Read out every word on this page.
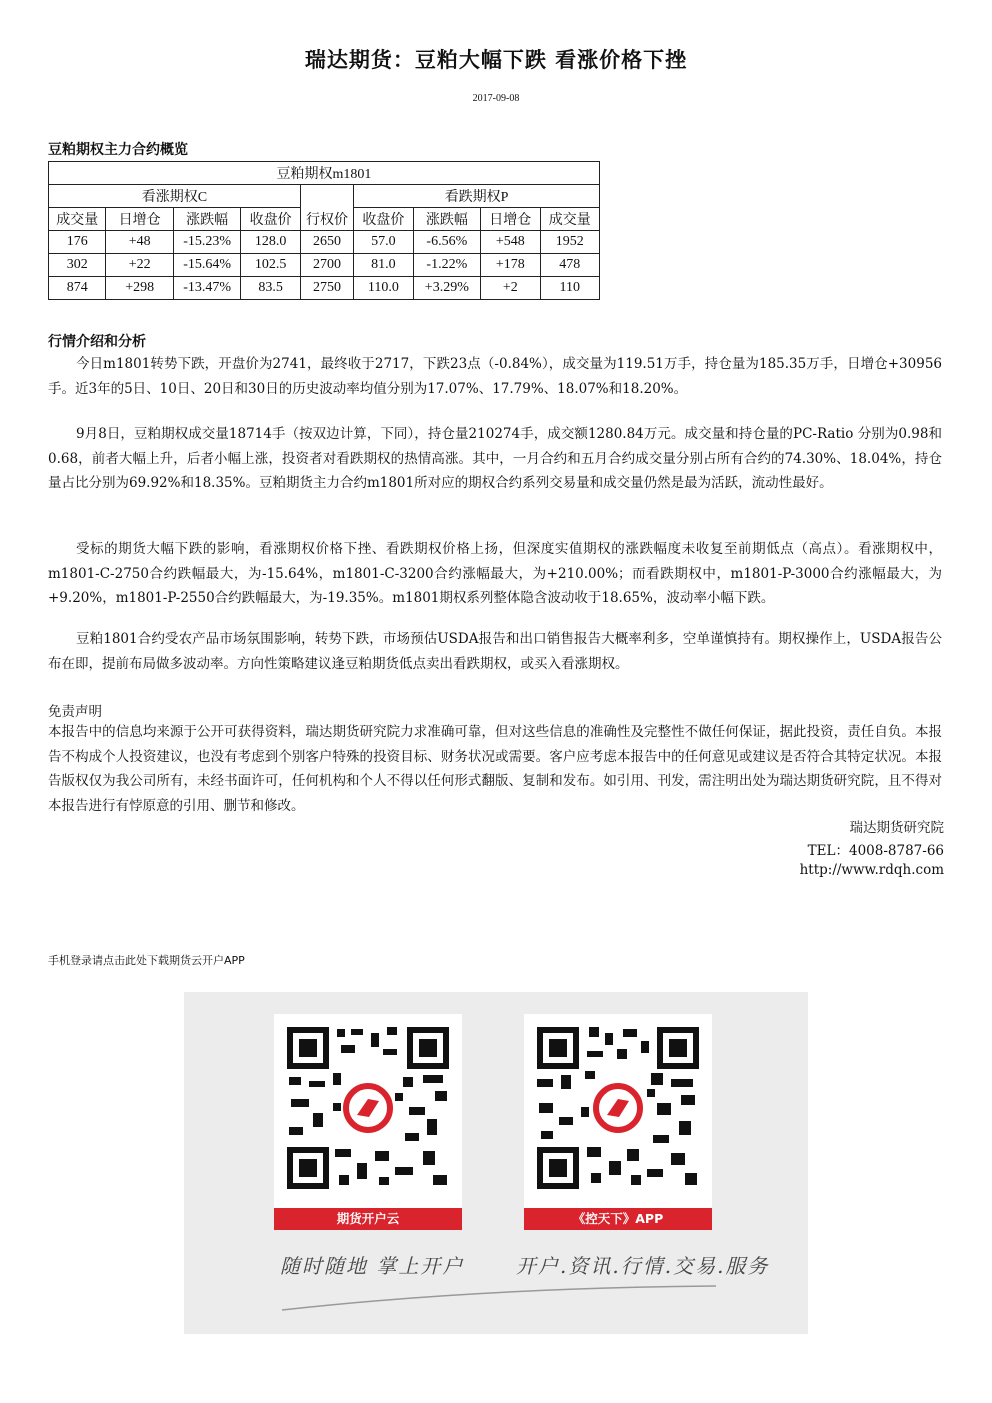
瑞达期货：豆粕大幅下跌 看涨价格下挫
2017-09-08
豆粕期权主力合约概览
豆粕期权m1801								
看涨期权C					看跌期权P			
成交量	日增仓	涨跌幅	收盘价	行权价	收盘价	涨跌幅	日增仓	成交量
176	+48	-15.23%	128.0	2650	57.0	-6.56%	+548	1952
302	+22	-15.64%	102.5	2700	81.0	-1.22%	+178	478
874	+298	-13.47%	83.5	2750	110.0	+3.29%	+2	110
行情介绍和分析
今日m1801转势下跌，开盘价为2741，最终收于2717，下跌23点（-0.84%），成交量为119.51万手，持仓量为185.35万手，日增仓+30956手。近3年的5日、10日、20日和30日的历史波动率均值分别为17.07%、17.79%、18.07%和18.20%。
9月8日，豆粕期权成交量18714手（按双边计算，下同），持仓量210274手，成交额1280.84万元。成交量和持仓量的PC-Ratio 分别为0.98和0.68，前者大幅上升，后者小幅上涨，投资者对看跌期权的热情高涨。其中，一月合约和五月合约成交量分别占所有合约的74.30%、18.04%，持仓量占比分别为69.92%和18.35%。豆粕期货主力合约m1801所对应的期权合约系列交易量和成交量仍然是最为活跃，流动性最好。
受标的期货大幅下跌的影响，看涨期权价格下挫、看跌期权价格上扬，但深度实值期权的涨跌幅度未收复至前期低点（高点）。看涨期权中，m1801-C-2750合约跌幅最大，为-15.64%，m1801-C-3200合约涨幅最大，为+210.00%；而看跌期权中，m1801-P-3000合约涨幅最大，为+9.20%，m1801-P-2550合约跌幅最大，为-19.35%。m1801期权系列整体隐含波动收于18.65%，波动率小幅下跌。
豆粕1801合约受农产品市场氛围影响，转势下跌，市场预估USDA报告和出口销售报告大概率利多，空单谨慎持有。期权操作上，USDA报告公布在即，提前布局做多波动率。方向性策略建议逢豆粕期货低点卖出看跌期权，或买入看涨期权。
免责声明
本报告中的信息均来源于公开可获得资料，瑞达期货研究院力求准确可靠，但对这些信息的准确性及完整性不做任何保证，据此投资，责任自负。本报告不构成个人投资建议，也没有考虑到个别客户特殊的投资目标、财务状况或需要。客户应考虑本报告中的任何意见或建议是否符合其特定状况。本报告版权仅为我公司所有，未经书面许可，任何机构和个人不得以任何形式翻版、复制和发布。如引用、刊发，需注明出处为瑞达期货研究院，且不得对本报告进行有悖原意的引用、删节和修改。
瑞达期货研究院
TEL：4008-8787-66
http://www.rdqh.com
手机登录请点击此处下载期货云开户APP
期货开户云	《控天下》APP
随时随地 掌上开户	开户.资讯.行情.交易.服务
